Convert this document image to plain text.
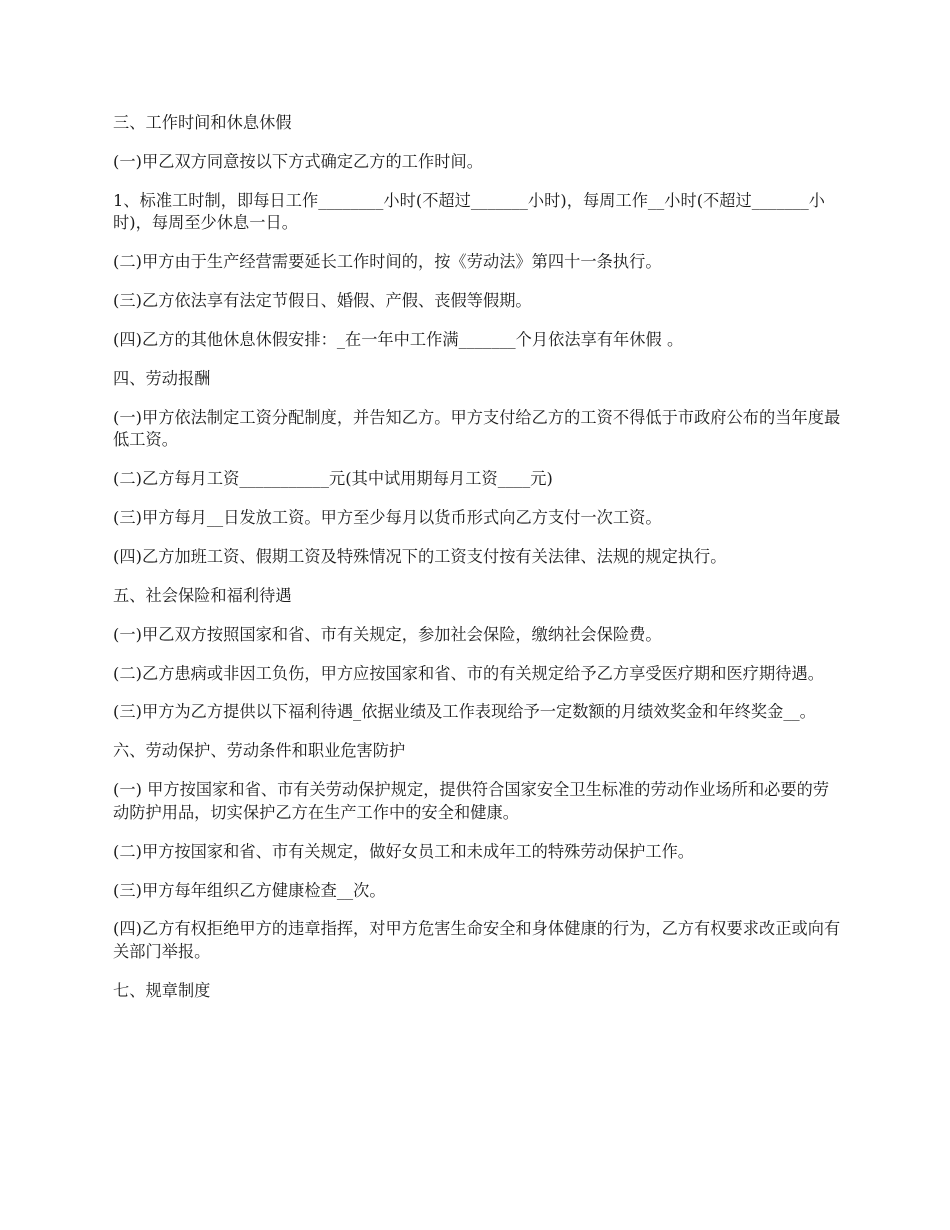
三、工作时间和休息休假

(一)甲乙双方同意按以下方式确定乙方的工作时间。

1、标准工时制，即每日工作________小时(不超过_______小时)，每周工作__小时(不超过_______小时)，每周至少休息一日。

(二)甲方由于生产经营需要延长工作时间的，按《劳动法》第四十一条执行。

(三)乙方依法享有法定节假日、婚假、产假、丧假等假期。

(四)乙方的其他休息休假安排：_在一年中工作满_______个月依法享有年休假 。

四、劳动报酬

(一)甲方依法制定工资分配制度，并告知乙方。甲方支付给乙方的工资不得低于市政府公布的当年度最低工资。

(二)乙方每月工资___________元(其中试用期每月工资____元)

(三)甲方每月__日发放工资。甲方至少每月以货币形式向乙方支付一次工资。

(四)乙方加班工资、假期工资及特殊情况下的工资支付按有关法律、法规的规定执行。

五、社会保险和福利待遇

(一)甲乙双方按照国家和省、市有关规定，参加社会保险，缴纳社会保险费。

(二)乙方患病或非因工负伤，甲方应按国家和省、市的有关规定给予乙方享受医疗期和医疗期待遇。

(三)甲方为乙方提供以下福利待遇_依据业绩及工作表现给予一定数额的月绩效奖金和年终奖金__。

六、劳动保护、劳动条件和职业危害防护

(一) 甲方按国家和省、市有关劳动保护规定，提供符合国家安全卫生标准的劳动作业场所和必要的劳动防护用品，切实保护乙方在生产工作中的安全和健康。

(二)甲方按国家和省、市有关规定，做好女员工和未成年工的特殊劳动保护工作。

(三)甲方每年组织乙方健康检查__次。

(四)乙方有权拒绝甲方的违章指挥，对甲方危害生命安全和身体健康的行为，乙方有权要求改正或向有关部门举报。

七、规章制度
